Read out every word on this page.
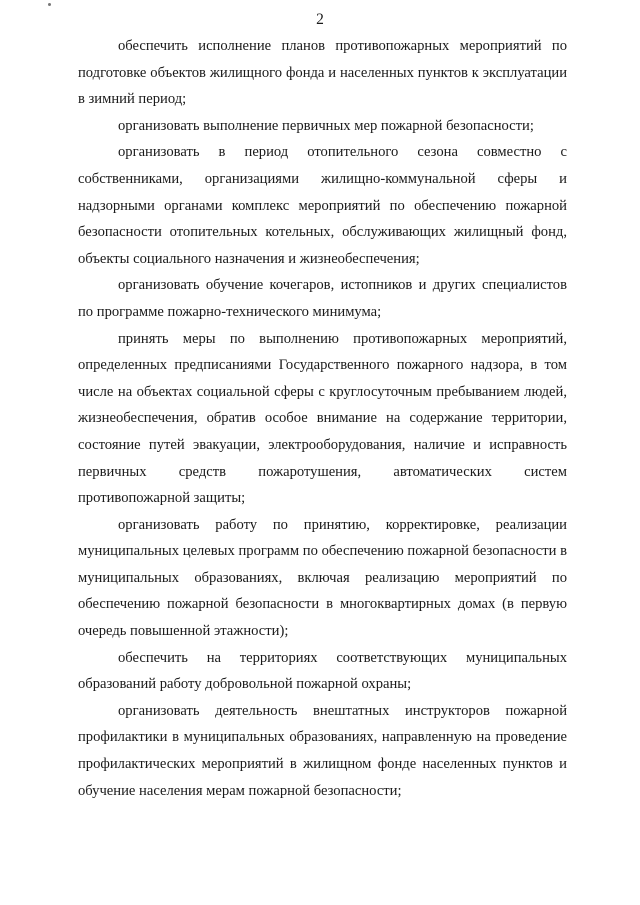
2

обеспечить исполнение планов противопожарных мероприятий по подготовке объектов жилищного фонда и населенных пунктов к эксплуатации в зимний период;

организовать выполнение первичных мер пожарной безопасности;

организовать в период отопительного сезона совместно с собственниками, организациями жилищно-коммунальной сферы и надзорными органами комплекс мероприятий по обеспечению пожарной безопасности отопительных котельных, обслуживающих жилищный фонд, объекты социального назначения и жизнеобеспечения;

организовать обучение кочегаров, истопников и других специалистов по программе пожарно-технического минимума;

принять меры по выполнению противопожарных мероприятий, определенных предписаниями Государственного пожарного надзора, в том числе на объектах социальной сферы с круглосуточным пребыванием людей, жизнеобеспечения, обратив особое внимание на содержание территории, состояние путей эвакуации, электрооборудования, наличие и исправность первичных средств пожаротушения, автоматических систем противопожарной защиты;

организовать работу по принятию, корректировке, реализации муниципальных целевых программ по обеспечению пожарной безопасности в муниципальных образованиях, включая реализацию мероприятий по обеспечению пожарной безопасности в многоквартирных домах (в первую очередь повышенной этажности);

обеспечить на территориях соответствующих муниципальных образований работу добровольной пожарной охраны;

организовать деятельность внештатных инструкторов пожарной профилактики в муниципальных образованиях, направленную на проведение профилактических мероприятий в жилищном фонде населенных пунктов и обучение населения мерам пожарной безопасности;
